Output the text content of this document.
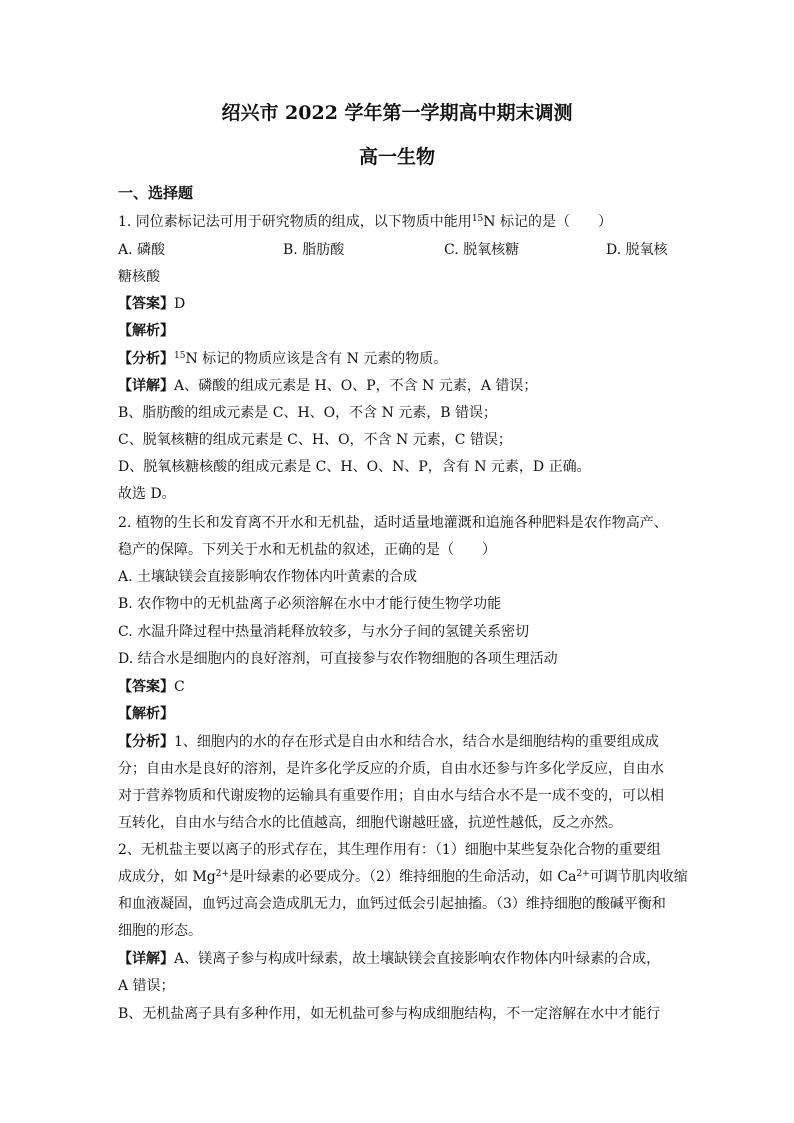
绍兴市 2022 学年第一学期高中期末调测
高一生物
一、选择题
1. 同位素标记法可用于研究物质的组成，以下物质中能用$^{15}$N 标记的是（　　）
A. 磷酸	B. 脂肪酸	C. 脱氧核糖	D. 脱氧核
糖核酸
【答案】D
【解析】
【分析】$^{15}$N 标记的物质应该是含有 N 元素的物质。
【详解】A、磷酸的组成元素是 H、O、P，不含 N 元素，A 错误；
B、脂肪酸的组成元素是 C、H、O，不含 N 元素，B 错误；
C、脱氧核糖的组成元素是 C、H、O，不含 N 元素，C 错误；
D、脱氧核糖核酸的组成元素是 C、H、O、N、P，含有 N 元素，D 正确。
故选 D。
2. 植物的生长和发育离不开水和无机盐，适时适量地灌溉和追施各种肥料是农作物高产、
稳产的保障。下列关于水和无机盐的叙述，正确的是（　　）
A. 土壤缺镁会直接影响农作物体内叶黄素的合成
B. 农作物中的无机盐离子必须溶解在水中才能行使生物学功能
C. 水温升降过程中热量消耗释放较多，与水分子间的氢键关系密切
D. 结合水是细胞内的良好溶剂，可直接参与农作物细胞的各项生理活动
【答案】C
【解析】
【分析】1、细胞内的水的存在形式是自由水和结合水，结合水是细胞结构的重要组成成
分；自由水是良好的溶剂，是许多化学反应的介质，自由水还参与许多化学反应，自由水
对于营养物质和代谢废物的运输具有重要作用；自由水与结合水不是一成不变的，可以相
互转化，自由水与结合水的比值越高，细胞代谢越旺盛，抗逆性越低，反之亦然。
2、无机盐主要以离子的形式存在，其生理作用有：（1）细胞中某些复杂化合物的重要组
成成分，如 $Mg^{2+}$是叶绿素的必要成分。（2）维持细胞的生命活动，如 $Ca^{2+}$可调节肌肉收缩
和血液凝固，血钙过高会造成肌无力，血钙过低会引起抽搐。（3）维持细胞的酸碱平衡和
细胞的形态。
【详解】A、镁离子参与构成叶绿素，故土壤缺镁会直接影响农作物体内叶绿素的合成，
A 错误；
B、无机盐离子具有多种作用，如无机盐可参与构成细胞结构，不一定溶解在水中才能行
